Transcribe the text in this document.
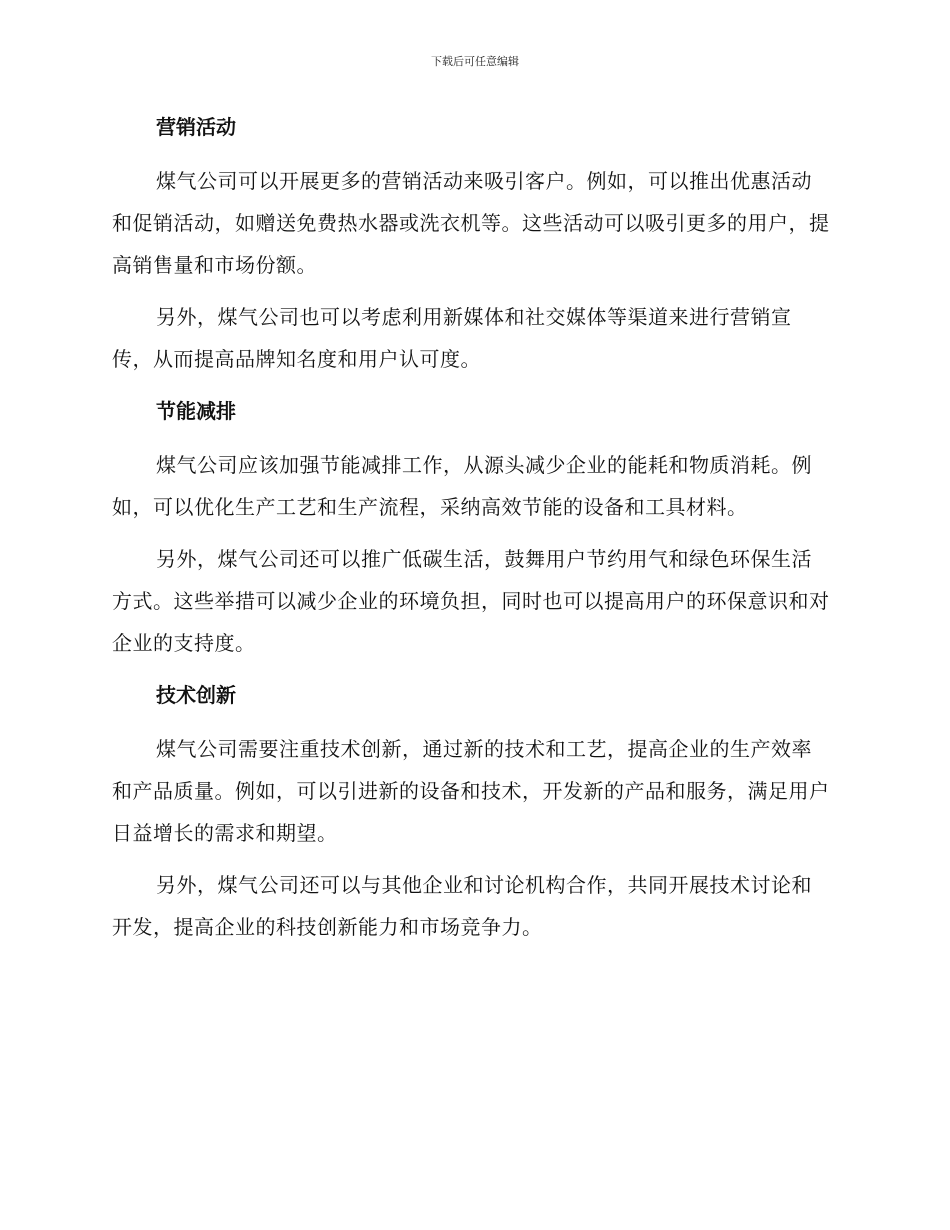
下载后可任意编辑
营销活动

煤气公司可以开展更多的营销活动来吸引客户。例如，可以推出优惠活动和促销活动，如赠送免费热水器或洗衣机等。这些活动可以吸引更多的用户，提高销售量和市场份额。

另外，煤气公司也可以考虑利用新媒体和社交媒体等渠道来进行营销宣传，从而提高品牌知名度和用户认可度。

节能减排

煤气公司应该加强节能减排工作，从源头减少企业的能耗和物质消耗。例如，可以优化生产工艺和生产流程，采纳高效节能的设备和工具材料。

另外，煤气公司还可以推广低碳生活，鼓舞用户节约用气和绿色环保生活方式。这些举措可以减少企业的环境负担，同时也可以提高用户的环保意识和对企业的支持度。

技术创新

煤气公司需要注重技术创新，通过新的技术和工艺，提高企业的生产效率和产品质量。例如，可以引进新的设备和技术，开发新的产品和服务，满足用户日益增长的需求和期望。

另外，煤气公司还可以与其他企业和讨论机构合作，共同开展技术讨论和开发，提高企业的科技创新能力和市场竞争力。
